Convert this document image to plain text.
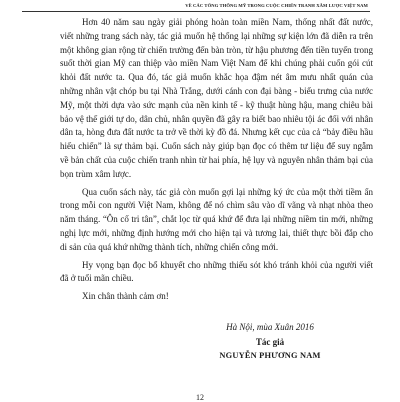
VỀ CÁC TỔNG THỐNG MỸ TRONG CUỘC CHIẾN TRANH XÂM LƯỢC VIỆT NAM

Hơn 40 năm sau ngày giải phóng hoàn toàn miền Nam, thống nhất đất nước, viết những trang sách này, tác giả muốn hệ thống lại những sự kiện lớn đã diễn ra trên một không gian rộng từ chiến trường đến bàn tròn, từ hậu phương đến tiền tuyến trong suốt thời gian Mỹ can thiệp vào miền Nam Việt Nam để khi chúng phải cuốn gói cút khỏi đất nước ta. Qua đó, tác giả muốn khắc họa đậm nét âm mưu nhất quán của những nhân vật chóp bu tại Nhà Trắng, dưới cánh con đại bàng - biểu trưng của nước Mỹ, một thời dựa vào sức mạnh của nền kinh tế - kỹ thuật hùng hậu, mang chiêu bài bảo vệ thế giới tự do, dân chủ, nhân quyền đã gây ra biết bao nhiêu tội ác đối với nhân dân ta, hòng đưa đất nước ta trở về thời kỳ đồ đá. Nhưng kết cục của cả “bảy điều hầu hiếu chiến” là sự thảm bại. Cuốn sách này giúp bạn đọc có thêm tư liệu để suy ngẫm về bản chất của cuộc chiến tranh nhìn từ hai phía, hệ lụy và nguyên nhân thảm bại của bọn trùm xâm lược.

Qua cuốn sách này, tác giả còn muốn gợi lại những ký ức của một thời tiềm ẩn trong mỗi con người Việt Nam, không để nó chìm sâu vào dĩ vãng và nhạt nhòa theo năm tháng. “Ôn cố tri tân”, chắt lọc từ quá khứ để đưa lại những niềm tin mới, những nghị lực mới, những định hướng mới cho hiện tại và tương lai, thiết thực bồi đắp cho di sản của quá khứ những thành tích, những chiến công mới.

Hy vọng bạn đọc bổ khuyết cho những thiếu sót khó tránh khỏi của người viết đã ở tuổi mãn chiều.

Xin chân thành cảm ơn!

Hà Nội, mùa Xuân 2016
Tác giả
NGUYỄN PHƯƠNG NAM
12
